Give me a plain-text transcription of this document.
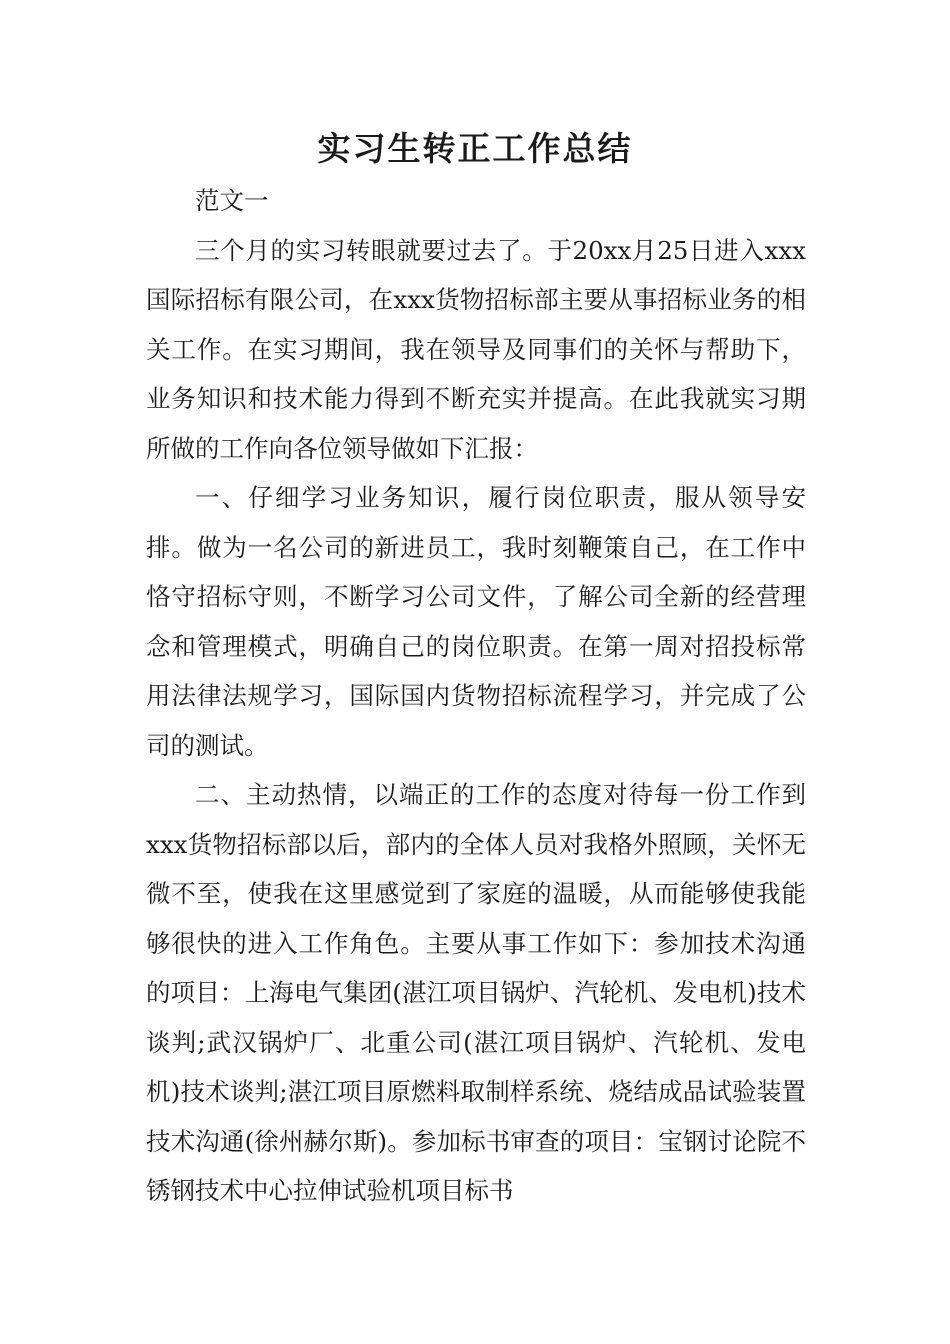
实习生转正工作总结

范文一

三个月的实习转眼就要过去了。于20xx月25日进入xxx国际招标有限公司，在xxx货物招标部主要从事招标业务的相关工作。在实习期间，我在领导及同事们的关怀与帮助下，业务知识和技术能力得到不断充实并提高。在此我就实习期所做的工作向各位领导做如下汇报：

一、仔细学习业务知识，履行岗位职责，服从领导安排。做为一名公司的新进员工，我时刻鞭策自己，在工作中恪守招标守则，不断学习公司文件，了解公司全新的经营理念和管理模式，明确自己的岗位职责。在第一周对招投标常用法律法规学习，国际国内货物招标流程学习，并完成了公司的测试。

二、主动热情，以端正的工作的态度对待每一份工作到xxx货物招标部以后，部内的全体人员对我格外照顾，关怀无微不至，使我在这里感觉到了家庭的温暖，从而能够使我能够很快的进入工作角色。主要从事工作如下：参加技术沟通的项目：上海电气集团(湛江项目锅炉、汽轮机、发电机)技术谈判;武汉锅炉厂、北重公司(湛江项目锅炉、汽轮机、发电机)技术谈判;湛江项目原燃料取制样系统、烧结成品试验装置技术沟通(徐州赫尔斯)。参加标书审查的项目：宝钢讨论院不锈钢技术中心拉伸试验机项目标书
